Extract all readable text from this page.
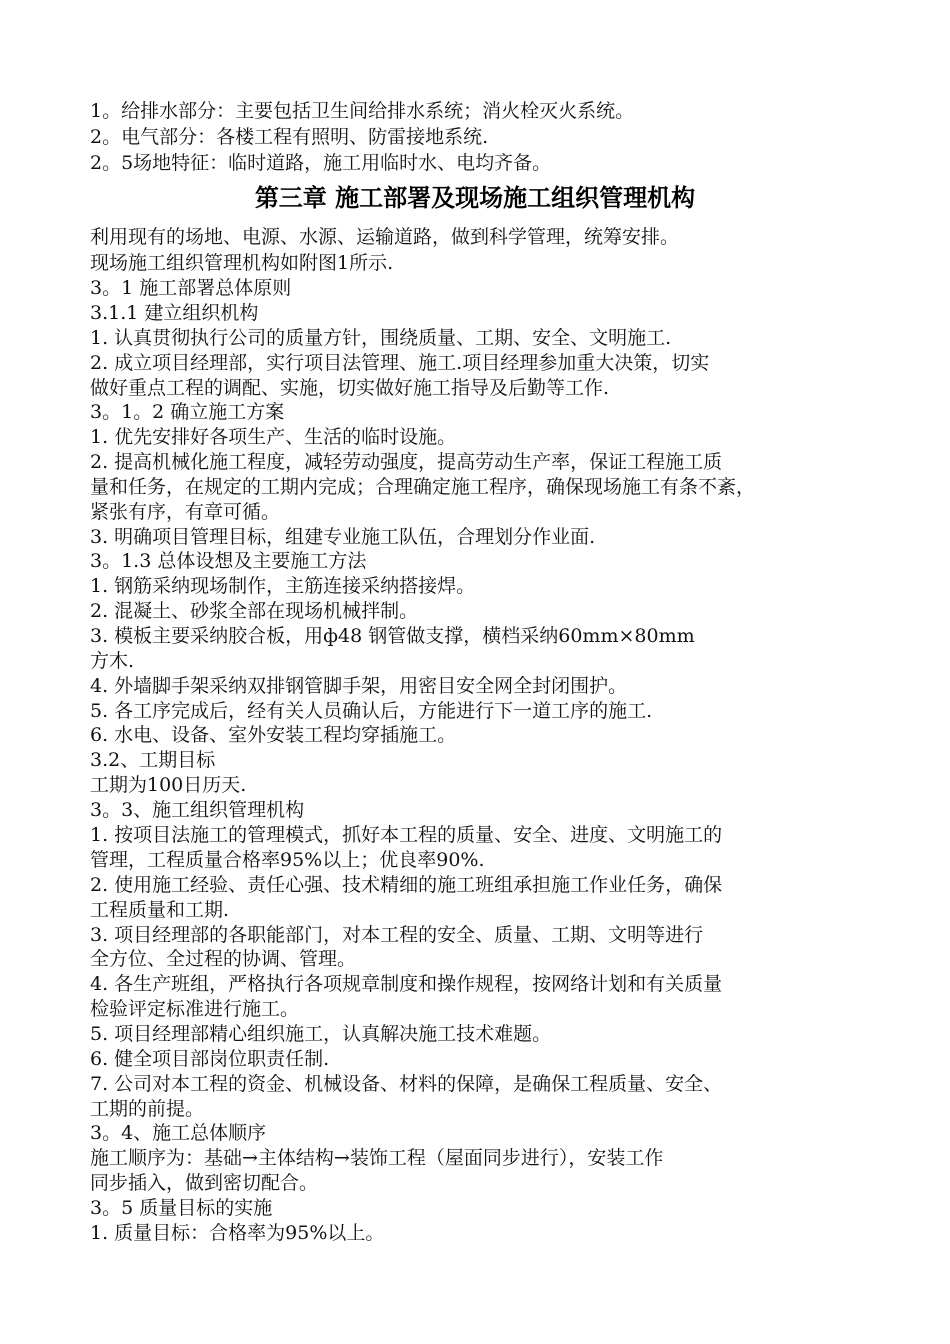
1。给排水部分：主要包括卫生间给排水系统；消火栓灭火系统。
2。电气部分：各楼工程有照明、防雷接地系统.
2。5场地特征：临时道路，施工用临时水、电均齐备。
第三章 施工部署及现场施工组织管理机构
利用现有的场地、电源、水源、运输道路，做到科学管理，统筹安排。
现场施工组织管理机构如附图1所示.
3。1 施工部署总体原则
3.1.1 建立组织机构
1. 认真贯彻执行公司的质量方针，围绕质量、工期、安全、文明施工.
2. 成立项目经理部，实行项目法管理、施工.项目经理参加重大决策，切实
做好重点工程的调配、实施，切实做好施工指导及后勤等工作.
3。1。2 确立施工方案
1. 优先安排好各项生产、生活的临时设施。
2. 提高机械化施工程度，减轻劳动强度，提高劳动生产率，保证工程施工质
量和任务，在规定的工期内完成；合理确定施工程序，确保现场施工有条不紊，
紧张有序，有章可循。
3. 明确项目管理目标，组建专业施工队伍，合理划分作业面.
3。1.3 总体设想及主要施工方法
1. 钢筋采纳现场制作，主筋连接采纳搭接焊。
2. 混凝土、砂浆全部在现场机械拌制。
3. 模板主要采纳胶合板，用ф48 钢管做支撑，横档采纳60mm×80mm
方木.
4. 外墙脚手架采纳双排钢管脚手架，用密目安全网全封闭围护。
5. 各工序完成后，经有关人员确认后，方能进行下一道工序的施工.
6. 水电、设备、室外安装工程均穿插施工。
3.2、工期目标
工期为100日历天.
3。3、施工组织管理机构
1. 按项目法施工的管理模式，抓好本工程的质量、安全、进度、文明施工的
管理，工程质量合格率95%以上；优良率90%.
2. 使用施工经验、责任心强、技术精细的施工班组承担施工作业任务，确保
工程质量和工期.
3. 项目经理部的各职能部门，对本工程的安全、质量、工期、文明等进行
全方位、全过程的协调、管理。
4. 各生产班组，严格执行各项规章制度和操作规程，按网络计划和有关质量
检验评定标准进行施工。
5. 项目经理部精心组织施工，认真解决施工技术难题。
6. 健全项目部岗位职责任制.
7. 公司对本工程的资金、机械设备、材料的保障，是确保工程质量、安全、
工期的前提。
3。4、施工总体顺序
施工顺序为：基础→主体结构→装饰工程（屋面同步进行），安装工作
同步插入，做到密切配合。
3。5 质量目标的实施
1. 质量目标：合格率为95%以上。
